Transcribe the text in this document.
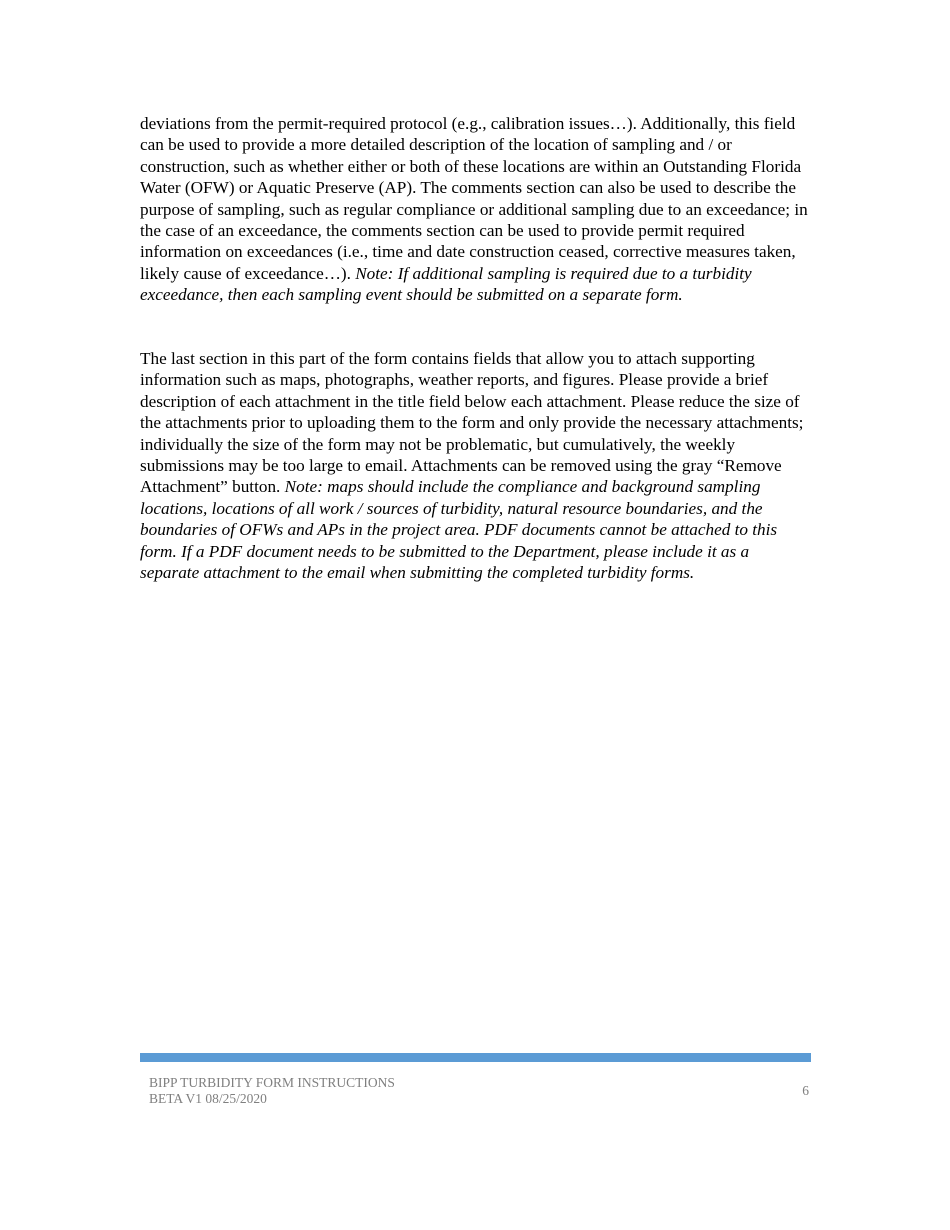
deviations from the permit-required protocol (e.g., calibration issues…). Additionally, this field can be used to provide a more detailed description of the location of sampling and / or construction, such as whether either or both of these locations are within an Outstanding Florida Water (OFW) or Aquatic Preserve (AP). The comments section can also be used to describe the purpose of sampling, such as regular compliance or additional sampling due to an exceedance; in the case of an exceedance, the comments section can be used to provide permit required information on exceedances (i.e., time and date construction ceased, corrective measures taken, likely cause of exceedance…). Note: If additional sampling is required due to a turbidity exceedance, then each sampling event should be submitted on a separate form.

The last section in this part of the form contains fields that allow you to attach supporting information such as maps, photographs, weather reports, and figures. Please provide a brief description of each attachment in the title field below each attachment. Please reduce the size of the attachments prior to uploading them to the form and only provide the necessary attachments; individually the size of the form may not be problematic, but cumulatively, the weekly submissions may be too large to email. Attachments can be removed using the gray “Remove Attachment” button. Note: maps should include the compliance and background sampling locations, locations of all work / sources of turbidity, natural resource boundaries, and the boundaries of OFWs and APs in the project area. PDF documents cannot be attached to this form. If a PDF document needs to be submitted to the Department, please include it as a separate attachment to the email when submitting the completed turbidity forms.

BIPP TURBIDITY FORM INSTRUCTIONS
BETA V1 08/25/2020
6
